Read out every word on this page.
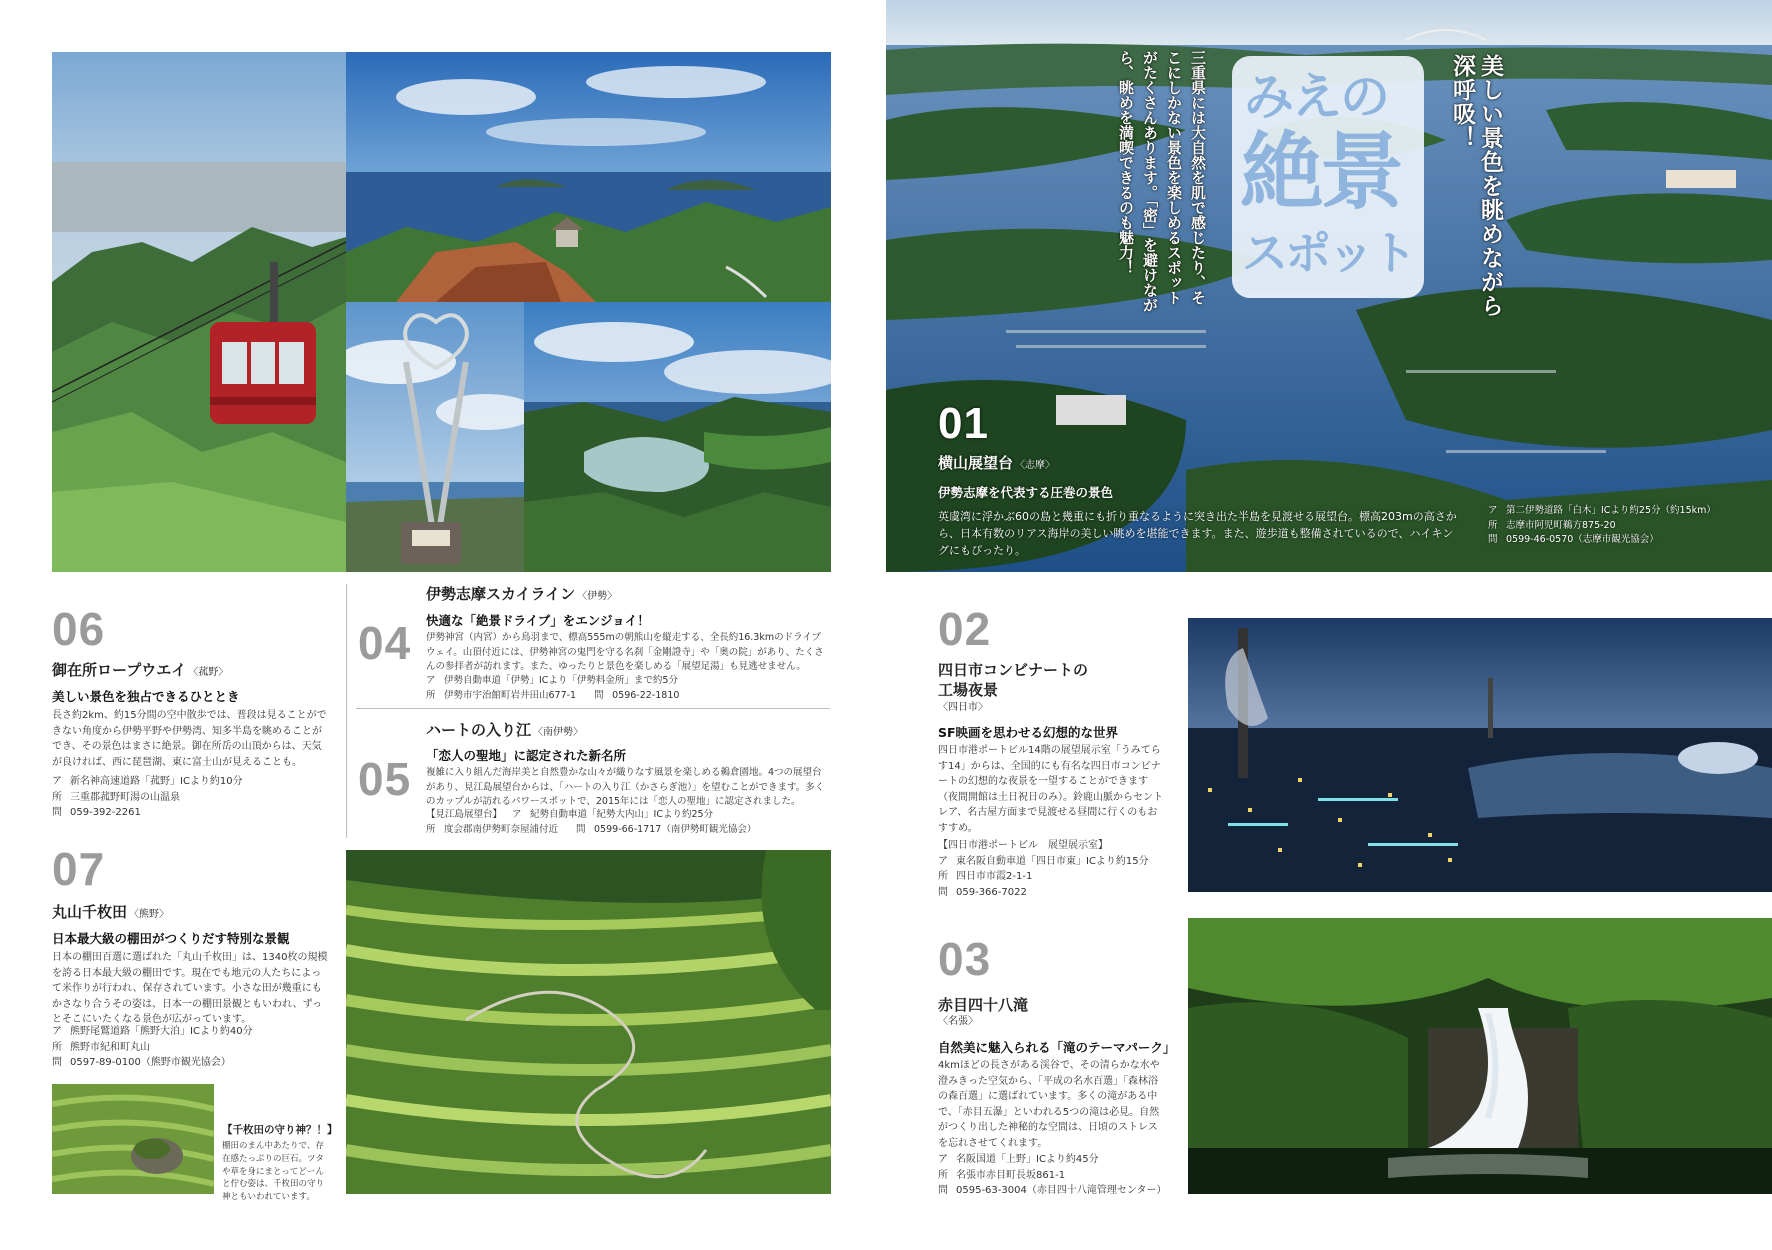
06
御在所ロープウエイ 〈菰野〉
美しい景色を独占できるひととき
長さ約2km、約15分間の空中散歩では、普段は見ることができない角度から伊勢平野や伊勢湾、知多半島を眺めることができ、その景色はまさに絶景。御在所岳の山頂からは、天気が良ければ、西に琵琶湖、東に富士山が見えることも。
ア 新名神高速道路「菰野」ICより約10分
所 三重郡菰野町湯の山温泉
問 059-392-2261
04
伊勢志摩スカイライン 〈伊勢〉
快適な「絶景ドライブ」をエンジョイ！
伊勢神宮（内宮）から鳥羽まで、標高555mの朝熊山を縦走する、全長約16.3kmのドライブウェイ。山頂付近には、伊勢神宮の鬼門を守る名刹「金剛證寺」や「奥の院」があり、たくさんの参拝者が訪れます。また、ゆったりと景色を楽しめる「展望足湯」も見逃せません。
ア 伊勢自動車道「伊勢」ICより「伊勢料金所」まで約5分
所 伊勢市宇治館町岩井田山677-1 問 0596-22-1810
05
ハートの入り江 〈南伊勢〉
「恋人の聖地」に認定された新名所
複雑に入り組んだ海岸美と自然豊かな山々が織りなす風景を楽しめる鵜倉園地。4つの展望台があり、見江島展望台からは、「ハートの入り江（かさらぎ池）」を望むことができます。多くのカップルが訪れるパワースポットで、2015年には「恋人の聖地」に認定されました。
【見江島展望台】 ア 紀勢自動車道「紀勢大内山」ICより約25分
所 度会郡南伊勢町奈屋浦付近 問 0599-66-1717（南伊勢町観光協会）
07
丸山千枚田 〈熊野〉
日本最大級の棚田がつくりだす特別な景観
日本の棚田百選に選ばれた「丸山千枚田」は、1340枚の規模を誇る日本最大級の棚田です。現在でも地元の人たちによって米作りが行われ、保存されています。小さな田が幾重にもかさなり合うその姿は、日本一の棚田景観ともいわれ、ずっとそこにいたくなる景色が広がっています。
ア 熊野尾鷲道路「熊野大泊」ICより約40分
所 熊野市紀和町丸山
問 0597-89-0100（熊野市観光協会）
【千枚田の守り神？！】
棚田のまん中あたりで、存在感たっぷりの巨石。ツタや草を身にまとってどーんと佇む姿は、千枚田の守り神ともいわれています。
みえの
絶景
スポット	美しい景色を眺めながら
深呼吸！
三重県には大自然を肌で感じたり、そ
こにしかない景色を楽しめるスポット
がたくさんあります。「密」を避けなが
ら、眺めを満喫できるのも魅力！
01
横山展望台 〈志摩〉
伊勢志摩を代表する圧巻の景色
英虞湾に浮かぶ60の島と幾重にも折り重なるように突き出た半島を見渡せる展望台。標高203mの高さから、日本有数のリアス海岸の美しい眺めを堪能できます。また、遊歩道も整備されているので、ハイキングにもぴったり。
ア 第二伊勢道路「白木」ICより約25分（約15km）
所 志摩市阿児町鵜方875-20
問 0599-46-0570（志摩市観光協会）
02
四日市コンビナートの
工場夜景
〈四日市〉
SF映画を思わせる幻想的な世界
四日市港ポートビル14階の展望展示室「うみてらす14」からは、全国的にも有名な四日市コンビナートの幻想的な夜景を一望することができます（夜間開館は土日祝日のみ）。鈴鹿山脈からセントレア、名古屋方面まで見渡せる昼間に行くのもおすすめ。
【四日市港ポートビル　展望展示室】
ア 東名阪自動車道「四日市東」ICより約15分
所 四日市市霞2-1-1
問 059-366-7022
03
赤目四十八滝
〈名張〉
自然美に魅入られる「滝のテーマパーク」
4kmほどの長さがある渓谷で、その清らかな水や澄みきった空気から、「平成の名水百選」「森林浴の森百選」に選ばれています。多くの滝がある中で、「赤目五瀑」といわれる5つの滝は必見。自然がつくり出した神秘的な空間は、日頃のストレスを忘れさせてくれます。
ア 名阪国道「上野」ICより約45分
所 名張市赤目町長坂861-1
問 0595-63-3004（赤目四十八滝管理センター）
